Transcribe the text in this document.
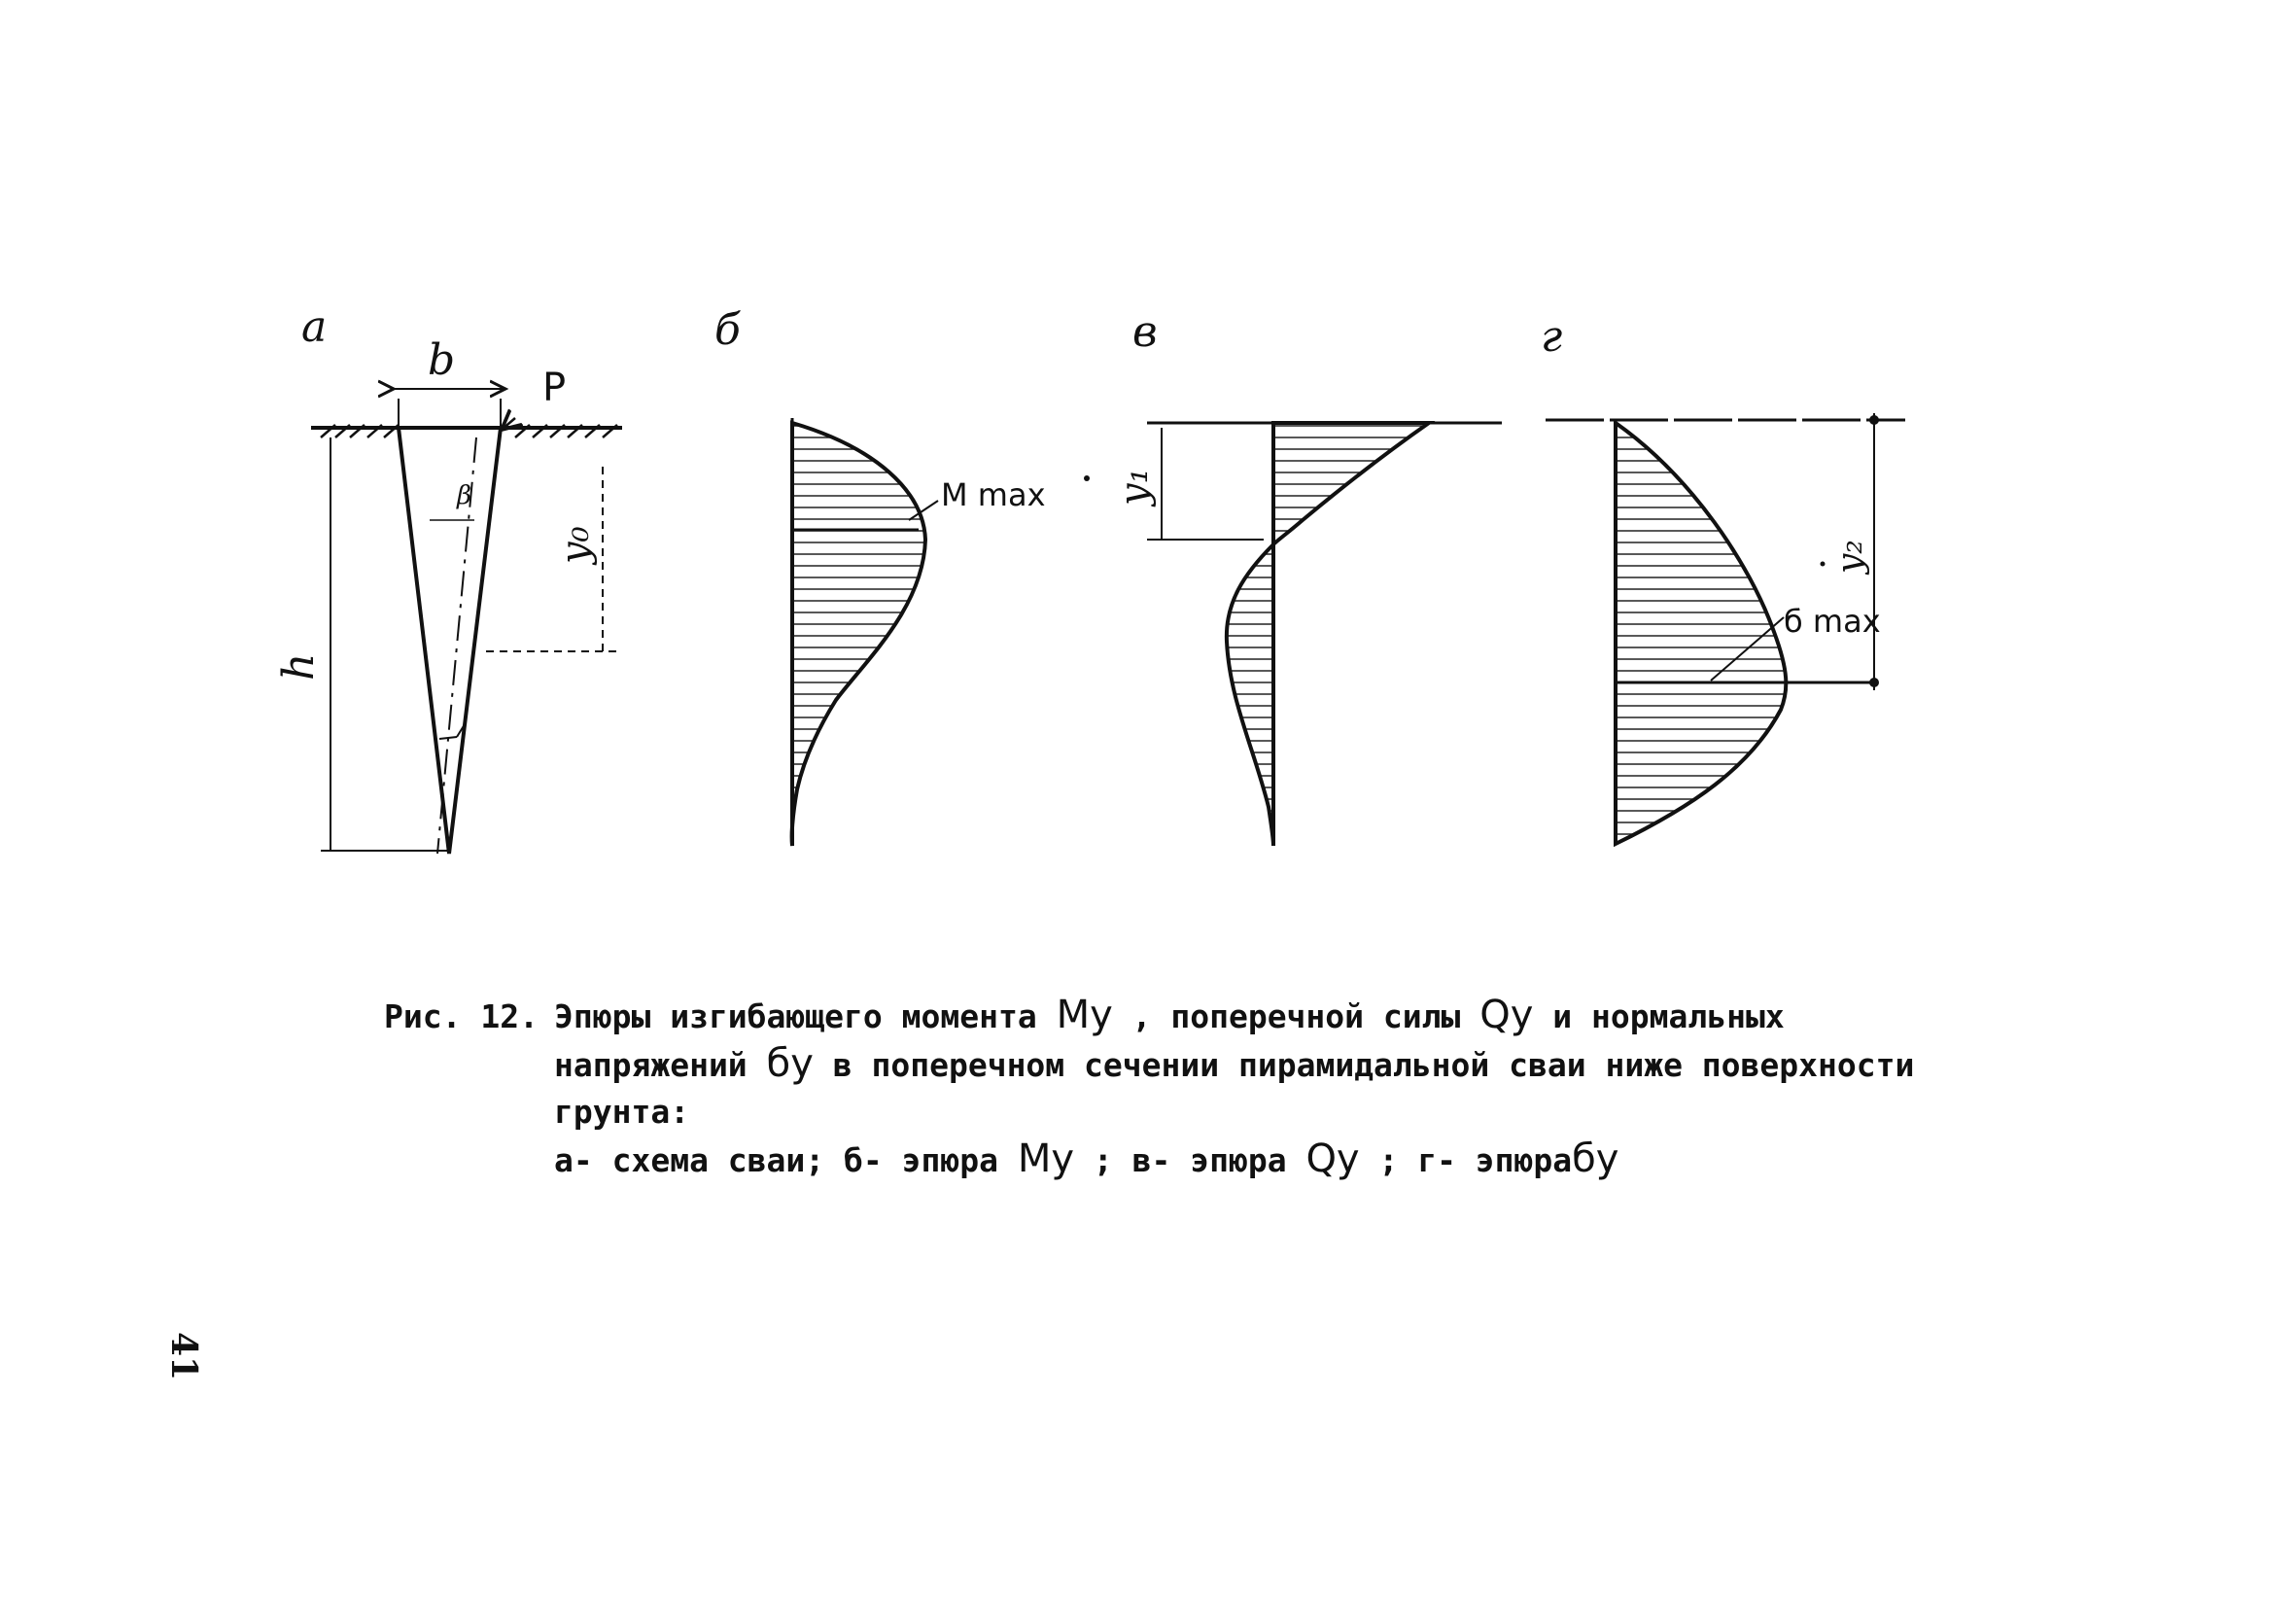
b
P
β
h
y₀
M max y₁
б max
y₂
а	б	в	г
Рис. 12. Эпюры изгибающего момента My , поперечной силы Qy и нормальных
напряжений бy в поперечном сечении пирамидальной сваи ниже поверхности
грунта:
а- схема сваи; б- эпюра My ; в- эпюра Qy ; г- эпюрабy
41
